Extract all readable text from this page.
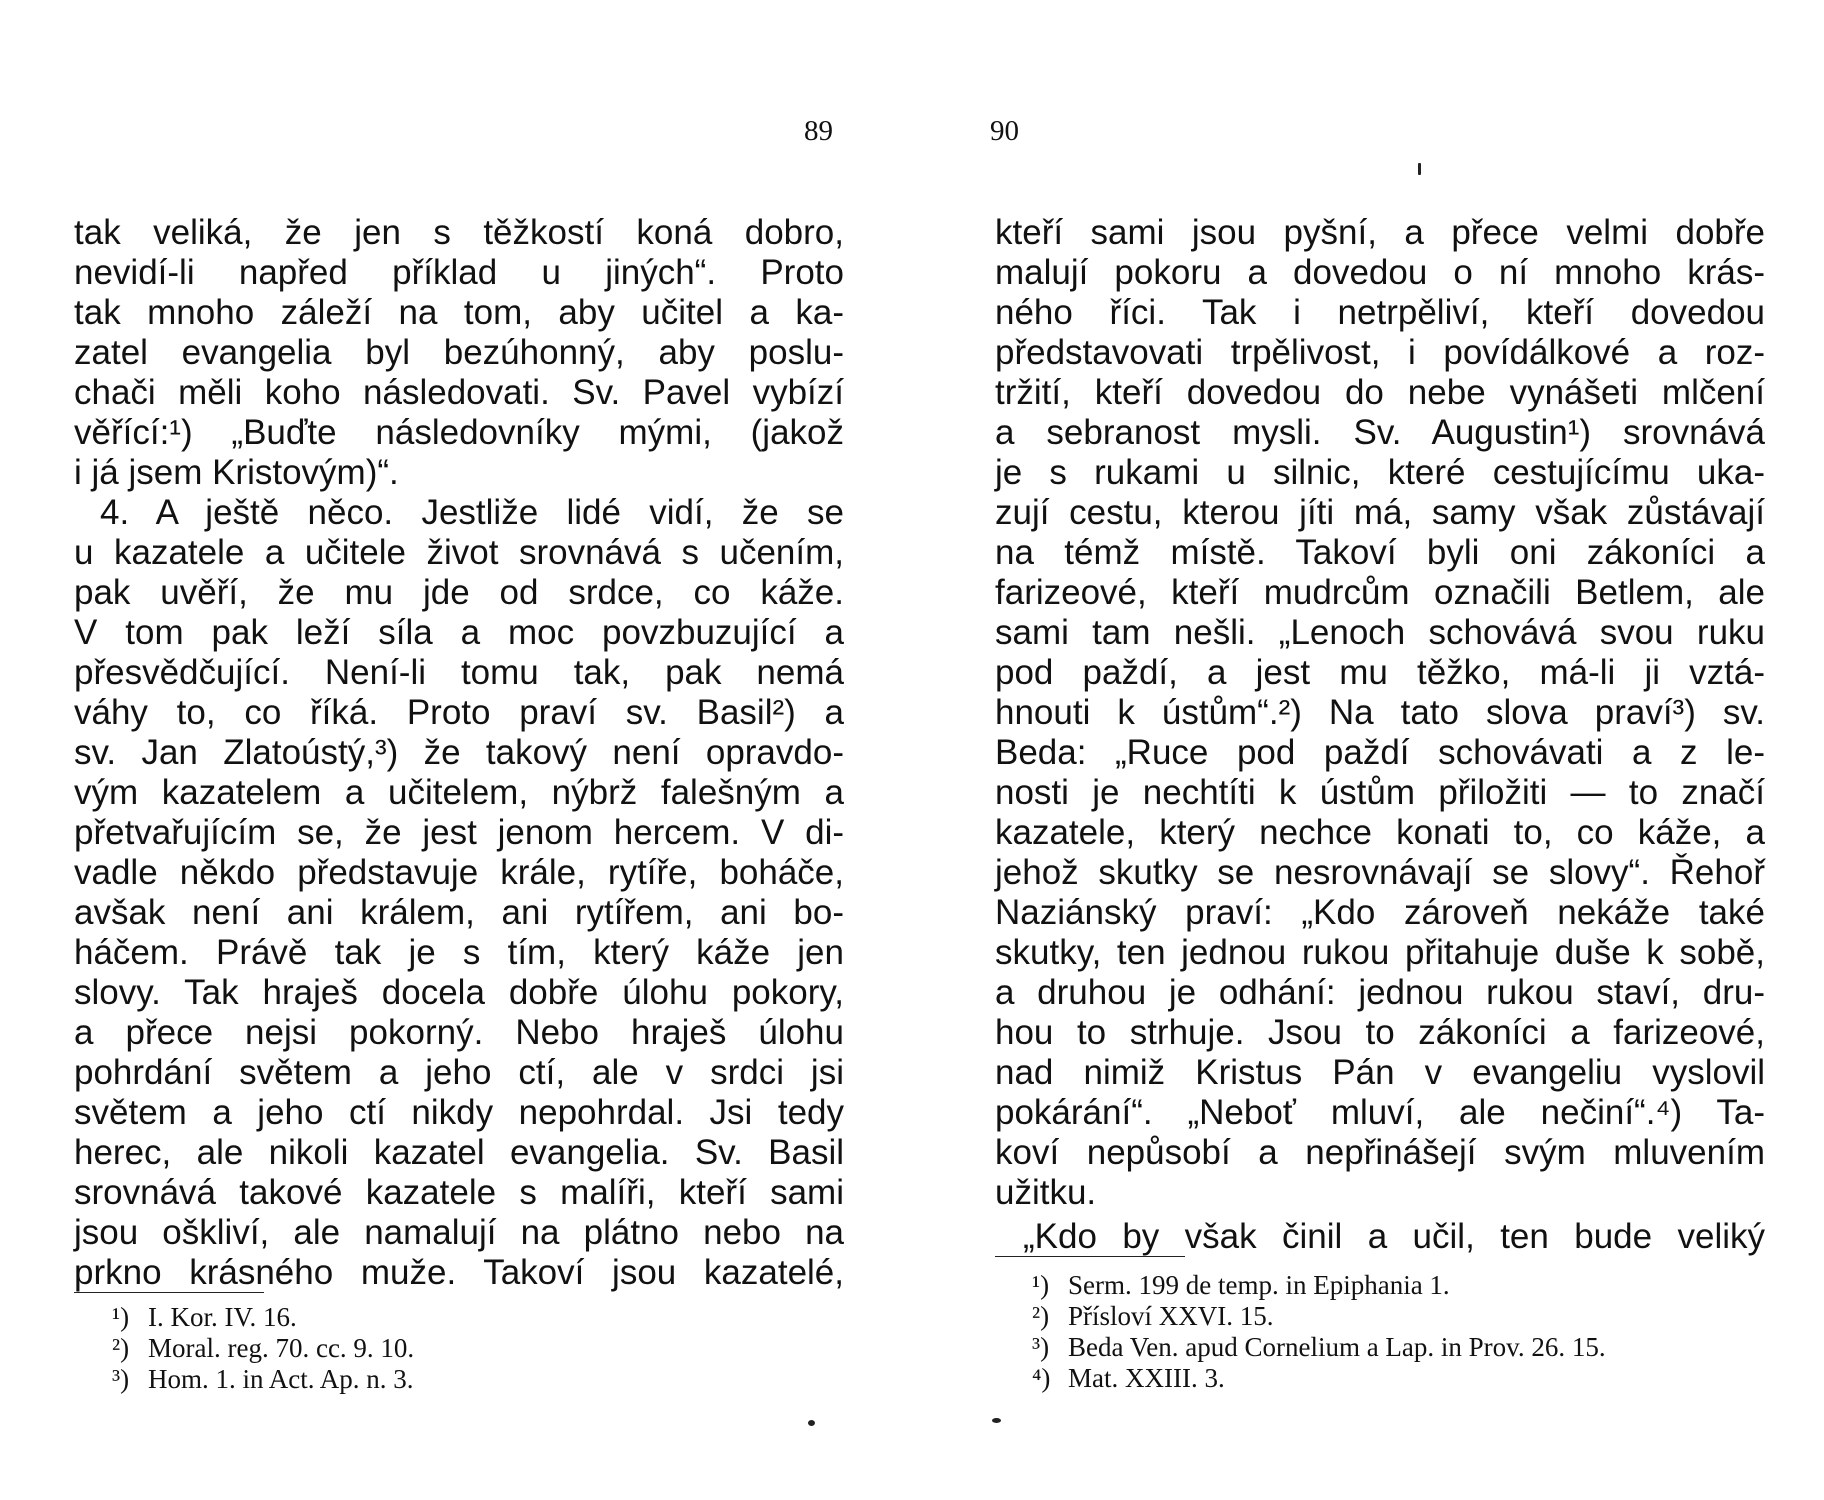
89
tak veliká, že jen s těžkostí koná dobro,
nevidí-li napřed příklad u jiných“. Proto
tak mnoho záleží na tom, aby učitel a ka-
zatel evangelia byl bezúhonný, aby poslu-
chači měli koho následovati. Sv. Pavel vybízí
věřící:¹) „Buďte následovníky mými, (jakož
i já jsem Kristovým)“.
4. A ještě něco. Jestliže lidé vidí, že se
u kazatele a učitele život srovnává s učením,
pak uvěří, že mu jde od srdce, co káže.
V tom pak leží síla a moc povzbuzující a
přesvědčující. Není-li tomu tak, pak nemá
váhy to, co říká. Proto praví sv. Basil²) a
sv. Jan Zlatoústý,³) že takový není opravdo-
vým kazatelem a učitelem, nýbrž falešným a
přetvařujícím se, že jest jenom hercem. V di-
vadle někdo představuje krále, rytíře, boháče,
avšak není ani králem, ani rytířem, ani bo-
háčem. Právě tak je s tím, který káže jen
slovy. Tak hraješ docela dobře úlohu pokory,
a přece nejsi pokorný. Nebo hraješ úlohu
pohrdání světem a jeho ctí, ale v srdci jsi
světem a jeho ctí nikdy nepohrdal. Jsi tedy
herec, ale nikoli kazatel evangelia. Sv. Basil
srovnává takové kazatele s malíři, kteří sami
jsou oškliví, ale namalují na plátno nebo na
prkno krásného muže. Takoví jsou kazatelé,
¹) I. Kor. IV. 16.
²) Moral. reg. 70. cc. 9. 10.
³) Hom. 1. in Act. Ap. n. 3.
90
kteří sami jsou pyšní, a přece velmi dobře
malují pokoru a dovedou o ní mnoho krás-
ného říci. Tak i netrpěliví, kteří dovedou
představovati trpělivost, i povídálkové a roz-
tržití, kteří dovedou do nebe vynášeti mlčení
a sebranost mysli. Sv. Augustin¹) srovnává
je s rukami u silnic, které cestujícímu uka-
zují cestu, kterou jíti má, samy však zůstávají
na témž místě. Takoví byli oni zákoníci a
farizeové, kteří mudrcům označili Betlem, ale
sami tam nešli. „Lenoch schovává svou ruku
pod paždí, a jest mu těžko, má-li ji vztá-
hnouti k ústům“.²) Na tato slova praví³) sv.
Beda: „Ruce pod paždí schovávati a z le-
nosti je nechtíti k ústům přiložiti — to značí
kazatele, který nechce konati to, co káže, a
jehož skutky se nesrovnávají se slovy“. Řehoř
Naziánský praví: „Kdo zároveň nekáže také
skutky, ten jednou rukou přitahuje duše k sobě,
a druhou je odhání: jednou rukou staví, dru-
hou to strhuje. Jsou to zákoníci a farizeové,
nad nimiž Kristus Pán v evangeliu vyslovil
pokárání“. „Neboť mluví, ale nečiní“.⁴) Ta-
koví nepůsobí a nepřinášejí svým mluvením
užitku.
„Kdo by však činil a učil, ten bude veliký
¹) Serm. 199 de temp. in Epiphania 1.
²) Přísloví XXVI. 15.
³) Beda Ven. apud Cornelium a Lap. in Prov. 26. 15.
⁴) Mat. XXIII. 3.
